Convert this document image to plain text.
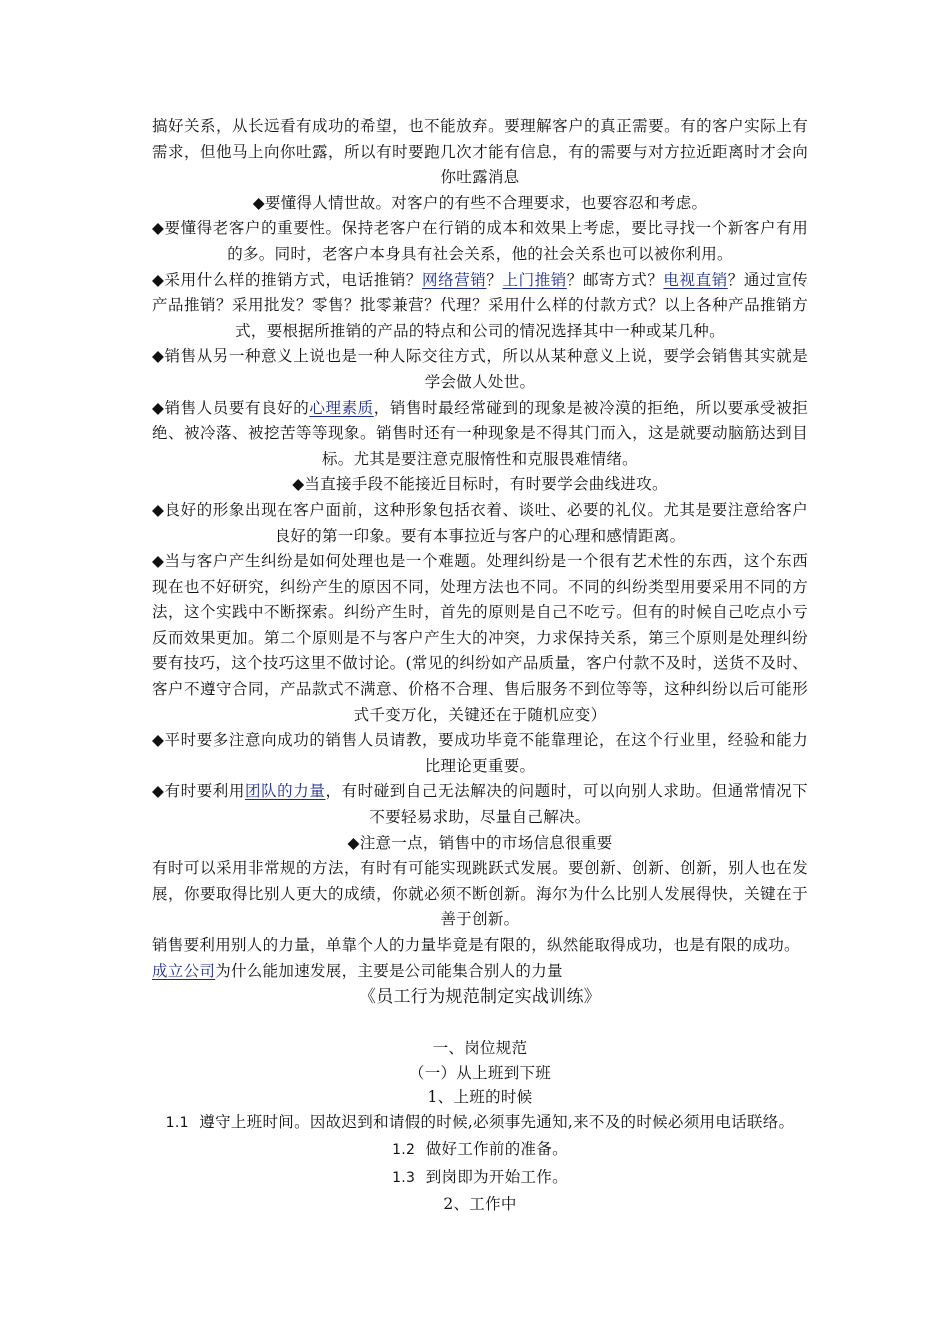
搞好关系，从长远看有成功的希望，也不能放弃。要理解客户的真正需要。有的客户实际上有需求，但他马上向你吐露，所以有时要跑几次才能有信息，有的需要与对方拉近距离时才会向你吐露消息

◆要懂得人情世故。对客户的有些不合理要求，也要容忍和考虑。

◆要懂得老客户的重要性。保持老客户在行销的成本和效果上考虑，要比寻找一个新客户有用的多。同时，老客户本身具有社会关系，他的社会关系也可以被你利用。

◆采用什么样的推销方式，电话推销？网络营销？上门推销？邮寄方式？电视直销？通过宣传产品推销？采用批发？零售？批零兼营？代理？采用什么样的付款方式？以上各种产品推销方式，要根据所推销的产品的特点和公司的情况选择其中一种或某几种。

◆销售从另一种意义上说也是一种人际交往方式，所以从某种意义上说，要学会销售其实就是学会做人处世。

◆销售人员要有良好的心理素质，销售时最经常碰到的现象是被冷漠的拒绝，所以要承受被拒绝、被冷落、被挖苦等等现象。销售时还有一种现象是不得其门而入，这是就要动脑筋达到目标。尤其是要注意克服惰性和克服畏难情绪。

◆当直接手段不能接近目标时，有时要学会曲线进攻。

◆良好的形象出现在客户面前，这种形象包括衣着、谈吐、必要的礼仪。尤其是要注意给客户良好的第一印象。要有本事拉近与客户的心理和感情距离。

◆当与客户产生纠纷是如何处理也是一个难题。处理纠纷是一个很有艺术性的东西，这个东西现在也不好研究，纠纷产生的原因不同，处理方法也不同。不同的纠纷类型用要采用不同的方法，这个实践中不断探索。纠纷产生时，首先的原则是自己不吃亏。但有的时候自己吃点小亏反而效果更加。第二个原则是不与客户产生大的冲突，力求保持关系，第三个原则是处理纠纷要有技巧，这个技巧这里不做讨论。(常见的纠纷如产品质量，客户付款不及时，送货不及时、客户不遵守合同，产品款式不满意、价格不合理、售后服务不到位等等，这种纠纷以后可能形式千变万化，关键还在于随机应变）

◆平时要多注意向成功的销售人员请教，要成功毕竟不能靠理论，在这个行业里，经验和能力比理论更重要。

◆有时要利用团队的力量，有时碰到自己无法解决的问题时，可以向别人求助。但通常情况下不要轻易求助，尽量自己解决。

◆注意一点，销售中的市场信息很重要

有时可以采用非常规的方法，有时有可能实现跳跃式发展。要创新、创新、创新，别人也在发展，你要取得比别人更大的成绩，你就必须不断创新。海尔为什么比别人发展得快，关键在于善于创新。

销售要利用别人的力量，单靠个人的力量毕竟是有限的，纵然能取得成功，也是有限的成功。成立公司为什么能加速发展，主要是公司能集合别人的力量

《员工行为规范制定实战训练》

一、岗位规范

（一）从上班到下班

1、上班的时候

1.1 遵守上班时间。因故迟到和请假的时候,必须事先通知,来不及的时候必须用电话联络。

1.2 做好工作前的准备。

1.3 到岗即为开始工作。

2、工作中
